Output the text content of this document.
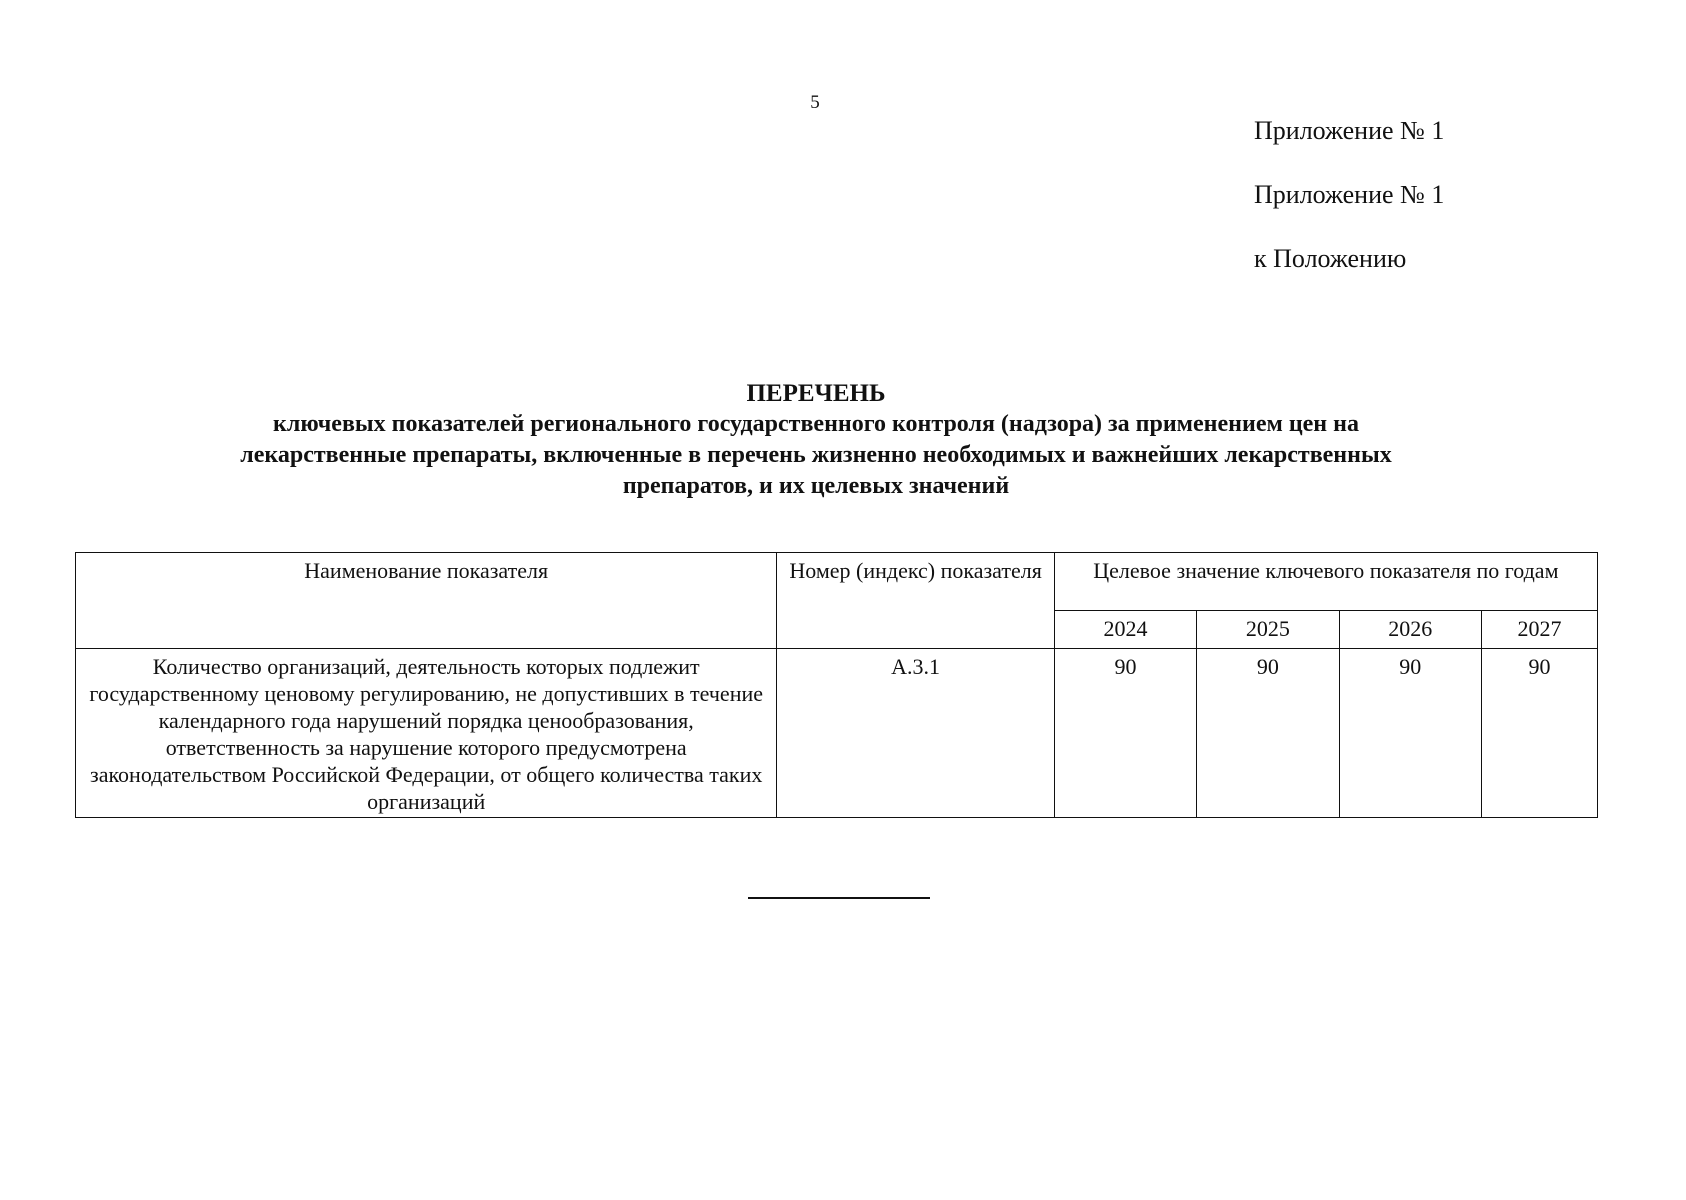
5
Приложение № 1
Приложение № 1
к Положению
ПЕРЕЧЕНЬ
ключевых показателей регионального государственного контроля (надзора) за применением цен на
лекарственные препараты, включенные в перечень жизненно необходимых и важнейших лекарственных
препаратов, и их целевых значений
Наименование показателя	Номер (индекс) показателя	Целевое значение ключевого показателя по годам			
		2024	2025	2026	2027
Количество организаций, деятельность которых подлежит государственному ценовому регулированию, не допустивших в течение календарного года нарушений порядка ценообразования, ответственность за нарушение которого предусмотрена законодательством Российской Федерации, от общего количества таких организаций	А.3.1	90	90	90	90
